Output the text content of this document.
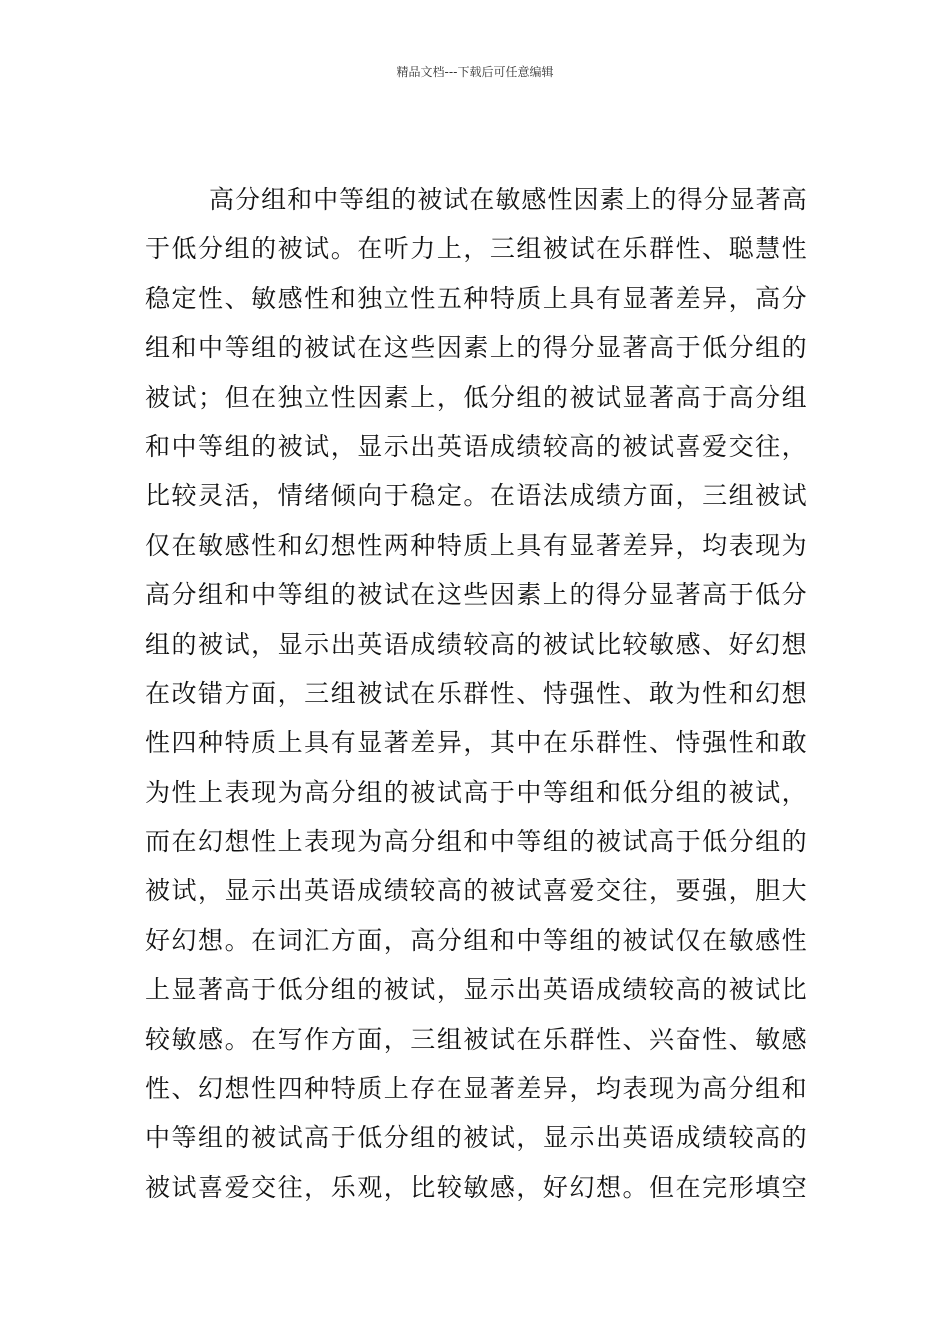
精品文档---下载后可任意编辑
高分组和中等组的被试在敏感性因素上的得分显著高
于低分组的被试。在听力上，三组被试在乐群性、聪慧性
稳定性、敏感性和独立性五种特质上具有显著差异，高分
组和中等组的被试在这些因素上的得分显著高于低分组的
被试；但在独立性因素上，低分组的被试显著高于高分组
和中等组的被试，显示出英语成绩较高的被试喜爱交往，
比较灵活，情绪倾向于稳定。在语法成绩方面，三组被试
仅在敏感性和幻想性两种特质上具有显著差异，均表现为
高分组和中等组的被试在这些因素上的得分显著高于低分
组的被试，显示出英语成绩较高的被试比较敏感、好幻想
在改错方面，三组被试在乐群性、恃强性、敢为性和幻想
性四种特质上具有显著差异，其中在乐群性、恃强性和敢
为性上表现为高分组的被试高于中等组和低分组的被试，
而在幻想性上表现为高分组和中等组的被试高于低分组的
被试，显示出英语成绩较高的被试喜爱交往，要强，胆大
好幻想。在词汇方面，高分组和中等组的被试仅在敏感性
上显著高于低分组的被试，显示出英语成绩较高的被试比
较敏感。在写作方面，三组被试在乐群性、兴奋性、敏感
性、幻想性四种特质上存在显著差异，均表现为高分组和
中等组的被试高于低分组的被试，显示出英语成绩较高的
被试喜爱交往，乐观，比较敏感，好幻想。但在完形填空
